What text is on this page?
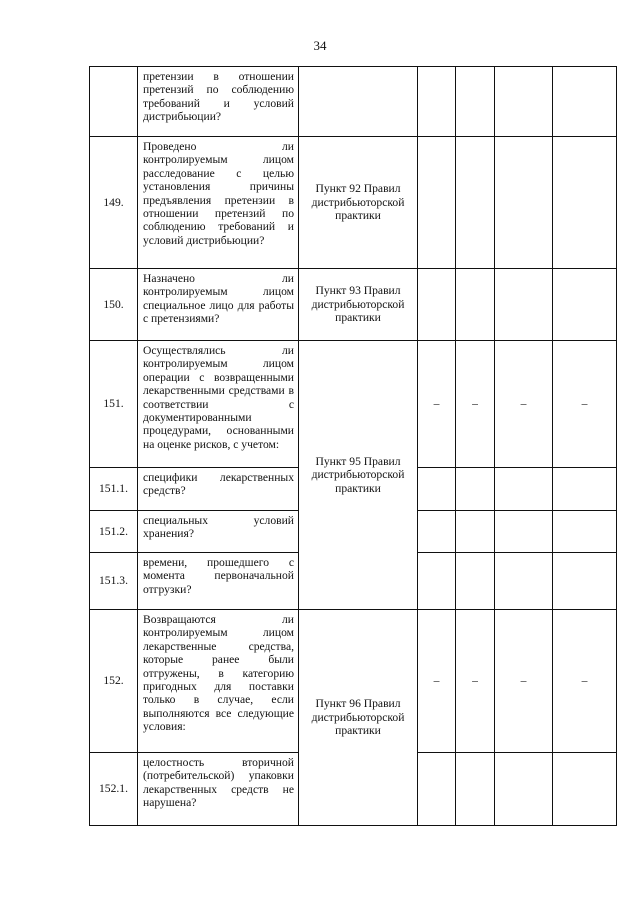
34
	претензии в отношении претензий по соблюдению требований и условий дистрибьюции?					
149.	Проведено ли контролируемым лицом расследование с целью установления причины предъявления претензии в отношении претензий по соблюдению требований и условий дистрибьюции?	Пункт 92 Правил дистрибьюторской практики				

150.	Назначено ли контролируемым лицом специальное лицо для работы с претензиями?	Пункт 93 Правил дистрибьюторской практики				

151.	Осуществлялись ли контролируемым лицом операции с возвращенными лекарственными средствами в соответствии с документированными процедурами, основанными на оценке рисков, с учетом:	Пункт 95 Правил дистрибьюторской практики	–	–	–	–
151.1.	специфики лекарственных средств?					
151.2.	специальных условий хранения?					
151.3.	времени, прошедшего с момента первоначальной отгрузки?					
152.	Возвращаются ли контролируемым лицом лекарственные средства, которые ранее были отгружены, в категорию пригодных для поставки только в случае, если выполняются все следующие условия:	Пункт 96 Правил дистрибьюторской практики	–	–	–	–
152.1.	целостность вторичной (потребительской) упаковки лекарственных средств не нарушена?					
